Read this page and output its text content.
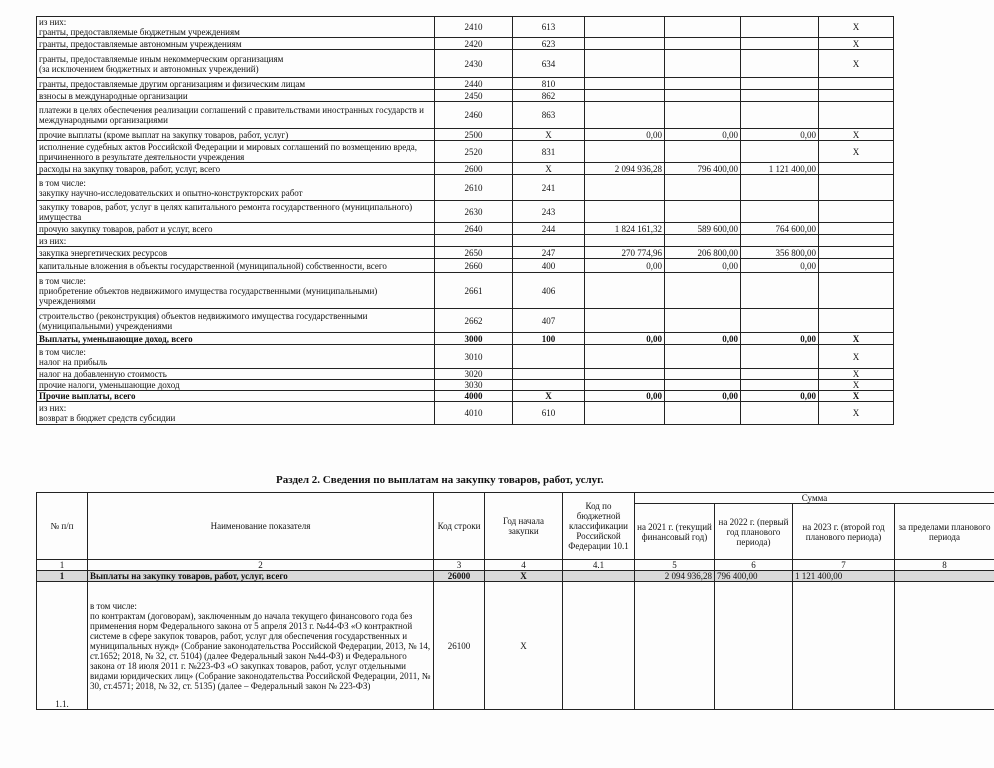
из них:
гранты, предоставляемые бюджетным учреждениям	2410	613				X
гранты, предоставляемые автономным учреждениям	2420	623				X
гранты, предоставляемые иным некоммерческим организациям
(за исключением бюджетных и автономных учреждений)	2430	634				X
гранты, предоставляемые другим организациям и физическим лицам	2440	810				
взносы в международные организации	2450	862				
платежи в целях обеспечения реализации соглашений с правительствами иностранных государств и международными организациями	2460	863				
прочие выплаты (кроме выплат на закупку товаров, работ, услуг)	2500	X	0,00	0,00	0,00	X
исполнение судебных актов Российской Федерации и мировых соглашений по возмещению вреда, причиненного в результате деятельности учреждения	2520	831				X
расходы на закупку товаров, работ, услуг, всего	2600	X	2 094 936,28	796 400,00	1 121 400,00	
в том числе:
закупку научно-исследовательских и опытно-конструкторских работ	2610	241				
закупку товаров, работ, услуг в целях капитального ремонта государственного (муниципального) имущества	2630	243				
прочую закупку товаров, работ и услуг, всего	2640	244	1 824 161,32	589 600,00	764 600,00	
из них:						
закупка энергетических ресурсов	2650	247	270 774,96	206 800,00	356 800,00	
капитальные вложения в объекты государственной (муниципальной) собственности, всего	2660	400	0,00	0,00	0,00	
в том числе:
приобретение объектов недвижимого имущества государственными (муниципальными) учреждениями	2661	406				
строительство (реконструкция) объектов недвижимого имущества государственными (муниципальными) учреждениями	2662	407				
Выплаты, уменьшающие доход, всего	3000	100	0,00	0,00	0,00	X
в том числе:
налог на прибыль	3010					X
налог на добавленную стоимость	3020					X
прочие налоги, уменьшающие доход	3030					X
Прочие выплаты, всего	4000	X	0,00	0,00	0,00	X
из них:
возврат в бюджет средств субсидии	4010	610				X
Раздел 2. Сведения по выплатам на закупку товаров, работ, услуг.
№ п/п	Наименование показателя	Код строки	Год начала закупки	Код по бюджетной классификации Российской Федерации 10.1	Сумма			
					на 2021 г. (текущий финансовый год)	на 2022 г. (первый год планового периода)	на 2023 г. (второй год планового периода)	за пределами планового периода
1	2	3	4	4.1	5	6	7	8
1	Выплаты на закупку товаров, работ, услуг, всего	26000	X		2 094 936,28	796 400,00	1 121 400,00	
1.1.	в том числе:
по контрактам (договорам), заключенным до начала текущего финансового года без применения норм Федерального закона от 5 апреля 2013 г. №44-ФЗ «О контрактной системе в сфере закупок товаров, работ, услуг для обеспечения государственных и муниципальных нужд» (Собрание законодательства Российской Федерации, 2013, № 14, ст.1652; 2018, № 32, ст. 5104) (далее Федеральный закон №44-ФЗ) и Федерального закона от 18 июля 2011 г. №223-ФЗ «О закупках товаров, работ, услуг отдельными видами юридических лиц» (Собрание законодательства Российской Федерации, 2011, № 30, ст.4571; 2018, № 32, ст. 5135) (далее – Федеральный закон № 223-ФЗ)	26100	X					
